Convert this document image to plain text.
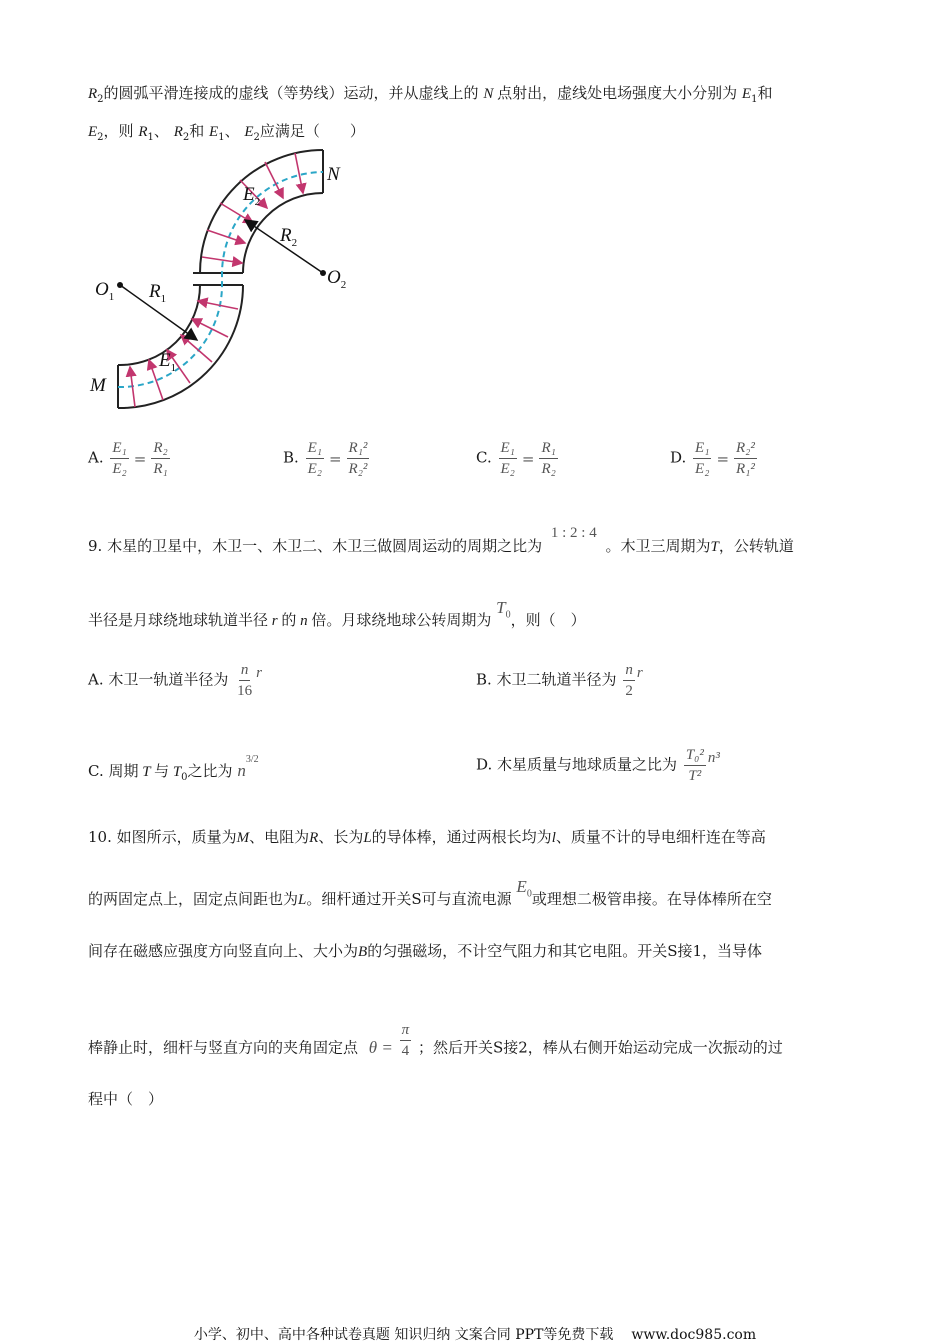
$R_2$的圆弧平滑连接成的虚线（等势线）运动，并从虚线上的 N 点射出，虚线处电场强度大小分别为 $E_1$和
$E_2$，则 $R_1$、 $R_2$和 $E_1$、 $E_2$应满足（　　）
$O_1$ $R_1$
$E_1$
M
$E_2$
$R_2$
$O_2$
N
A. $\frac{\text{E₁}}{\text{E₂}} = \frac{\text{R₂}}{\text{R₁}}$	B. $\frac{\text{E₁}}{\text{E₂}} = \frac{\text{R₁²}}{\text{R₂²}}$	C. $\frac{\text{E₁}}{\text{E₂}} = \frac{\text{R₁}}{\text{R₂}}$	D. $\frac{\text{E₁}}{\text{E₂}} = \frac{\text{R₂²}}{\text{R₁²}}$
9. 木星的卫星中，木卫一、木卫二、木卫三做圆周运动的周期之比为 1 : 2 : 4 。木卫三周期为T，公转轨道
半径是月球绕地球轨道半径 r 的 n 倍。月球绕地球公转周期为 $T_0$，则（　）
A. 木卫一轨道半径为 $\frac{n}{16}$ r	B. 木卫二轨道半径为 $\frac{n}{2}$ r
C. 周期 T 与 $T_0$之比为 $n^{3/2}$	D. 木星质量与地球质量之比为 $\frac{\text{T₀²}}{\text{T²}} n^3$
10. 如图所示，质量为M、电阻为R、长为L的导体棒，通过两根长均为l、质量不计的导电细杆连在等高
的两固定点上，固定点间距也为L。细杆通过开关S可与直流电源 $E_0$或理想二极管串接。在导体棒所在空
间存在磁感应强度方向竖直向上、大小为B的匀强磁场，不计空气阻力和其它电阻。开关S接1，当导体
棒静止时，细杆与竖直方向的夹角固定点 $\theta = \frac{\pi}{4}$ ；然后开关S接2，棒从右侧开始运动完成一次振动的过
程中（　）
小学、初中、高中各种试卷真题 知识归纳 文案合同 PPT等免费下载 www.doc985.com
